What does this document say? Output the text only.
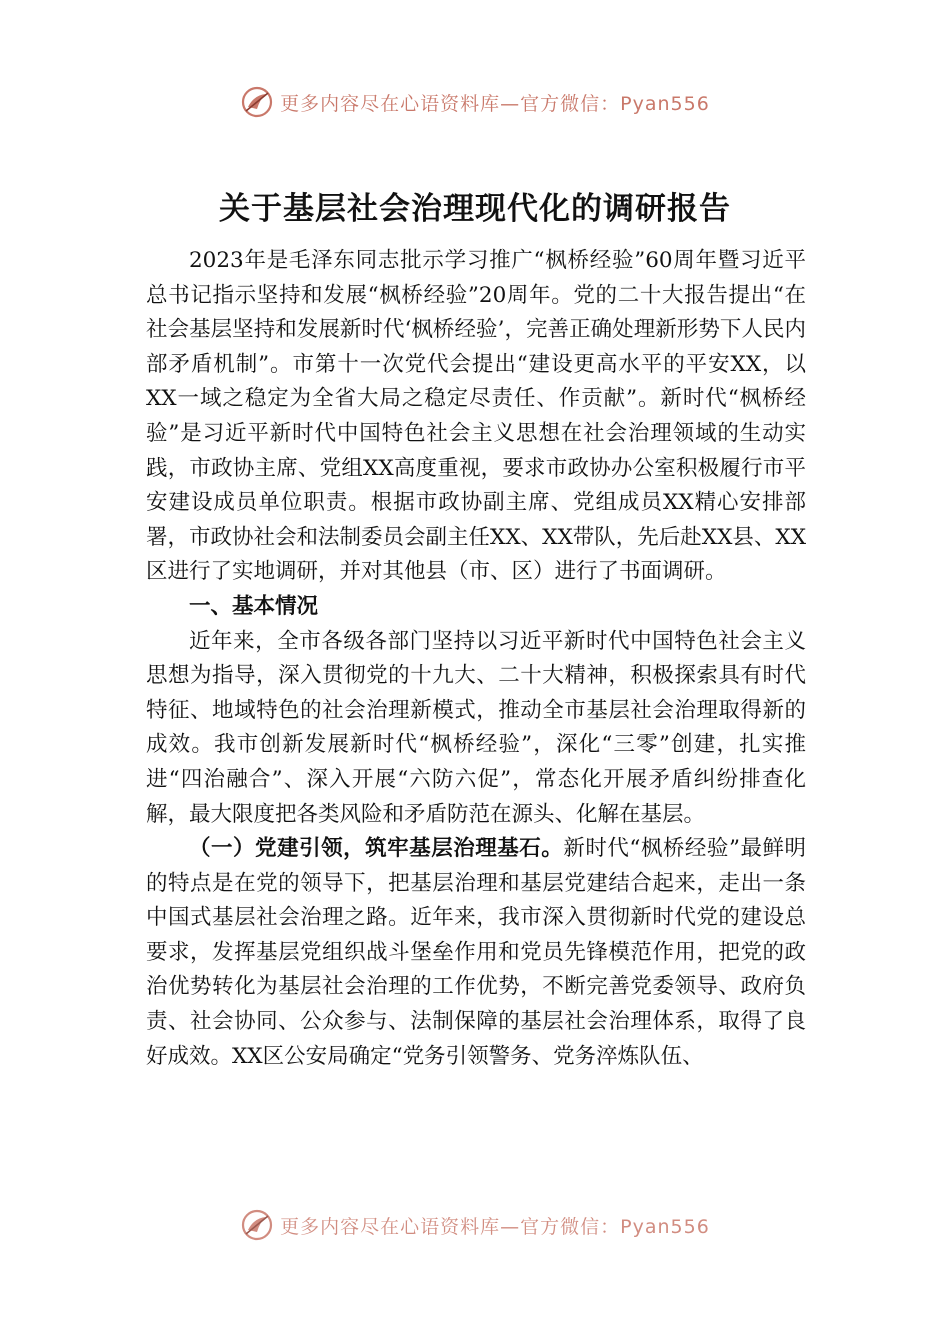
更多内容尽在心语资料库—官方微信：Pyan556
关于基层社会治理现代化的调研报告

2023年是毛泽东同志批示学习推广“枫桥经验”60周年暨习近平总书记指示坚持和发展“枫桥经验”20周年。党的二十大报告提出“在社会基层坚持和发展新时代‘枫桥经验’，完善正确处理新形势下人民内部矛盾机制”。市第十一次党代会提出“建设更高水平的平安XX，以XX一域之稳定为全省大局之稳定尽责任、作贡献”。新时代“枫桥经验”是习近平新时代中国特色社会主义思想在社会治理领域的生动实践，市政协主席、党组XX高度重视，要求市政协办公室积极履行市平安建设成员单位职责。根据市政协副主席、党组成员XX精心安排部署，市政协社会和法制委员会副主任XX、XX带队，先后赴XX县、XX区进行了实地调研，并对其他县（市、区）进行了书面调研。

一、基本情况

近年来，全市各级各部门坚持以习近平新时代中国特色社会主义思想为指导，深入贯彻党的十九大、二十大精神，积极探索具有时代特征、地域特色的社会治理新模式，推动全市基层社会治理取得新的成效。我市创新发展新时代“枫桥经验”，深化“三零”创建，扎实推进“四治融合”、深入开展“六防六促”，常态化开展矛盾纠纷排查化解，最大限度把各类风险和矛盾防范在源头、化解在基层。

（一）党建引领，筑牢基层治理基石。新时代“枫桥经验”最鲜明的特点是在党的领导下，把基层治理和基层党建结合起来，走出一条中国式基层社会治理之路。近年来，我市深入贯彻新时代党的建设总要求，发挥基层党组织战斗堡垒作用和党员先锋模范作用，把党的政治优势转化为基层社会治理的工作优势，不断完善党委领导、政府负责、社会协同、公众参与、法制保障的基层社会治理体系，取得了良好成效。XX区公安局确定“党务引领警务、党务淬炼队伍、

更多内容尽在心语资料库—官方微信：Pyan556
